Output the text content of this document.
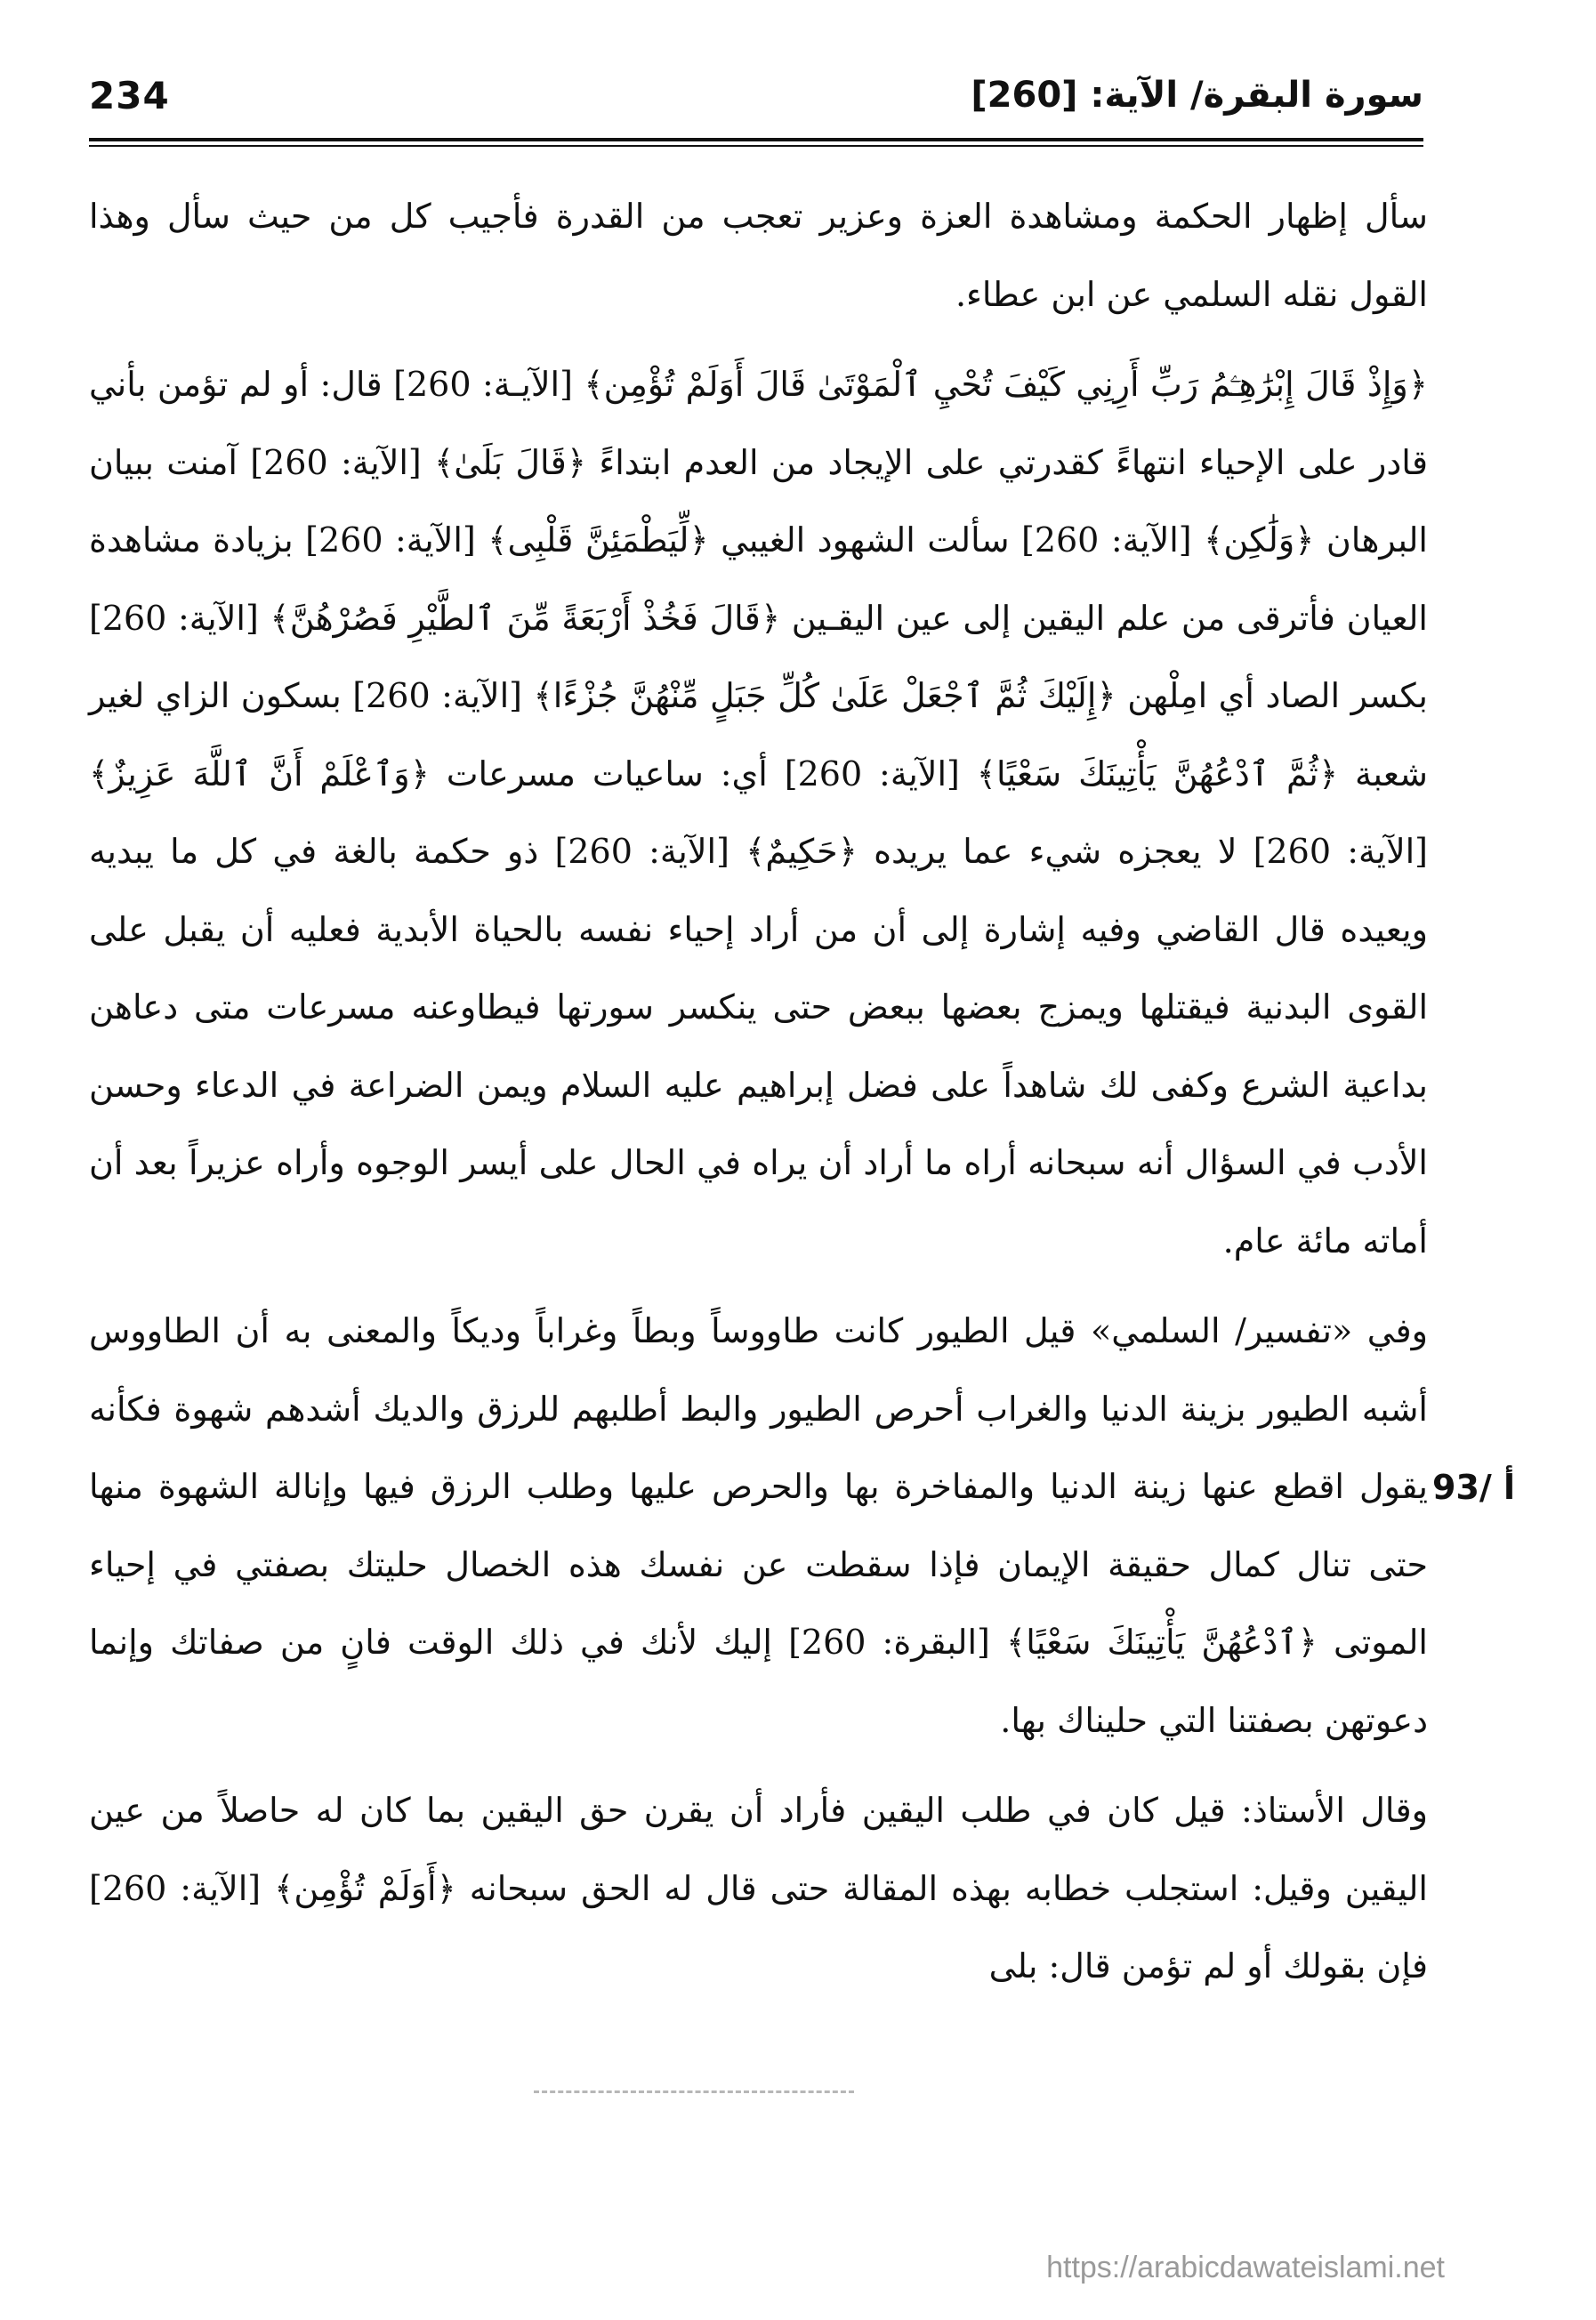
234	سورة البقرة/ الآية: [260]

سأل إظهار الحكمة ومشاهدة العزة وعزير تعجب من القدرة فأجيب كل من حيث سأل وهذا القول نقله السلمي عن ابن عطاء.

﴿وَإِذْ قَالَ إِبْرَٰهِـۧمُ رَبِّ أَرِنِي كَيْفَ تُحْيِ ٱلْمَوْتَىٰ قَالَ أَوَلَمْ تُؤْمِن﴾ [الآيـة: 260] قال: أو لم تؤمن بأني قادر على الإحياء انتهاءً كقدرتي على الإيجاد من العدم ابتداءً ﴿قَالَ بَلَىٰ﴾ [الآية: 260] آمنت ببيان البرهان ﴿وَلَٰكِن﴾ [الآية: 260] سألت الشهود الغيبي ﴿لِّيَطْمَئِنَّ قَلْبِى﴾ [الآية: 260] بزيادة مشاهدة العيان فأترقى من علم اليقين إلى عين اليقـين ﴿قَالَ فَخُذْ أَرْبَعَةً مِّنَ ٱلطَّيْرِ فَصُرْهُنَّ﴾ [الآية: 260] بكسر الصاد أي امِلْهن ﴿إِلَيْكَ ثُمَّ ٱجْعَلْ عَلَىٰ كُلِّ جَبَلٍ مِّنْهُنَّ جُزْءًا﴾ [الآية: 260] بسكون الزاي لغير شعبة ﴿ثُمَّ ٱدْعُهُنَّ يَأْتِينَكَ سَعْيًا﴾ [الآية: 260] أي: ساعيات مسرعات ﴿وَٱعْلَمْ أَنَّ ٱللَّهَ عَزِيزٌ﴾ [الآية: 260] لا يعجزه شيء عما يريده ﴿حَكِيمٌ﴾ [الآية: 260] ذو حكمة بالغة في كل ما يبديه ويعيده قال القاضي وفيه إشارة إلى أن من أراد إحياء نفسه بالحياة الأبدية فعليه أن يقبل على القوى البدنية فيقتلها ويمزج بعضها ببعض حتى ينكسر سورتها فيطاوعنه مسرعات متى دعاهن بداعية الشرع وكفى لك شاهداً على فضل إبراهيم عليه السلام ويمن الضراعة في الدعاء وحسن الأدب في السؤال أنه سبحانه أراه ما أراد أن يراه في الحال على أيسر الوجوه وأراه عزيراً بعد أن أماته مائة عام.

وفي «تفسير/ السلمي» قيل الطيور كانت طاووساً وبطاً وغراباً وديكاً والمعنى به أن الطاووس أشبه الطيور بزينة الدنيا والغراب أحرص الطيور والبط أطلبهم للرزق والديك أشدهم شهوة فكأنه يقول اقطع عنها زينة الدنيا والمفاخرة بها والحرص عليها وطلب الرزق فيها وإنالة الشهوة منها حتى تنال كمال حقيقة الإيمان فإذا سقطت عن نفسك هذه الخصال حليتك بصفتي في إحياء الموتى ﴿ٱدْعُهُنَّ يَأْتِينَكَ سَعْيًا﴾ [البقرة: 260] إليك لأنك في ذلك الوقت فانٍ من صفاتك وإنما دعوتهن بصفتنا التي حليناك بها.

وقال الأستاذ: قيل كان في طلب اليقين فأراد أن يقرن حق اليقين بما كان له حاصلاً من عين اليقين وقيل: استجلب خطابه بهذه المقالة حتى قال له الحق سبحانه ﴿أَوَلَمْ تُؤْمِن﴾ [الآية: 260] فإن بقولك أو لم تؤمن قال: بلى

93/ أ
https://arabicdawateislami.net
